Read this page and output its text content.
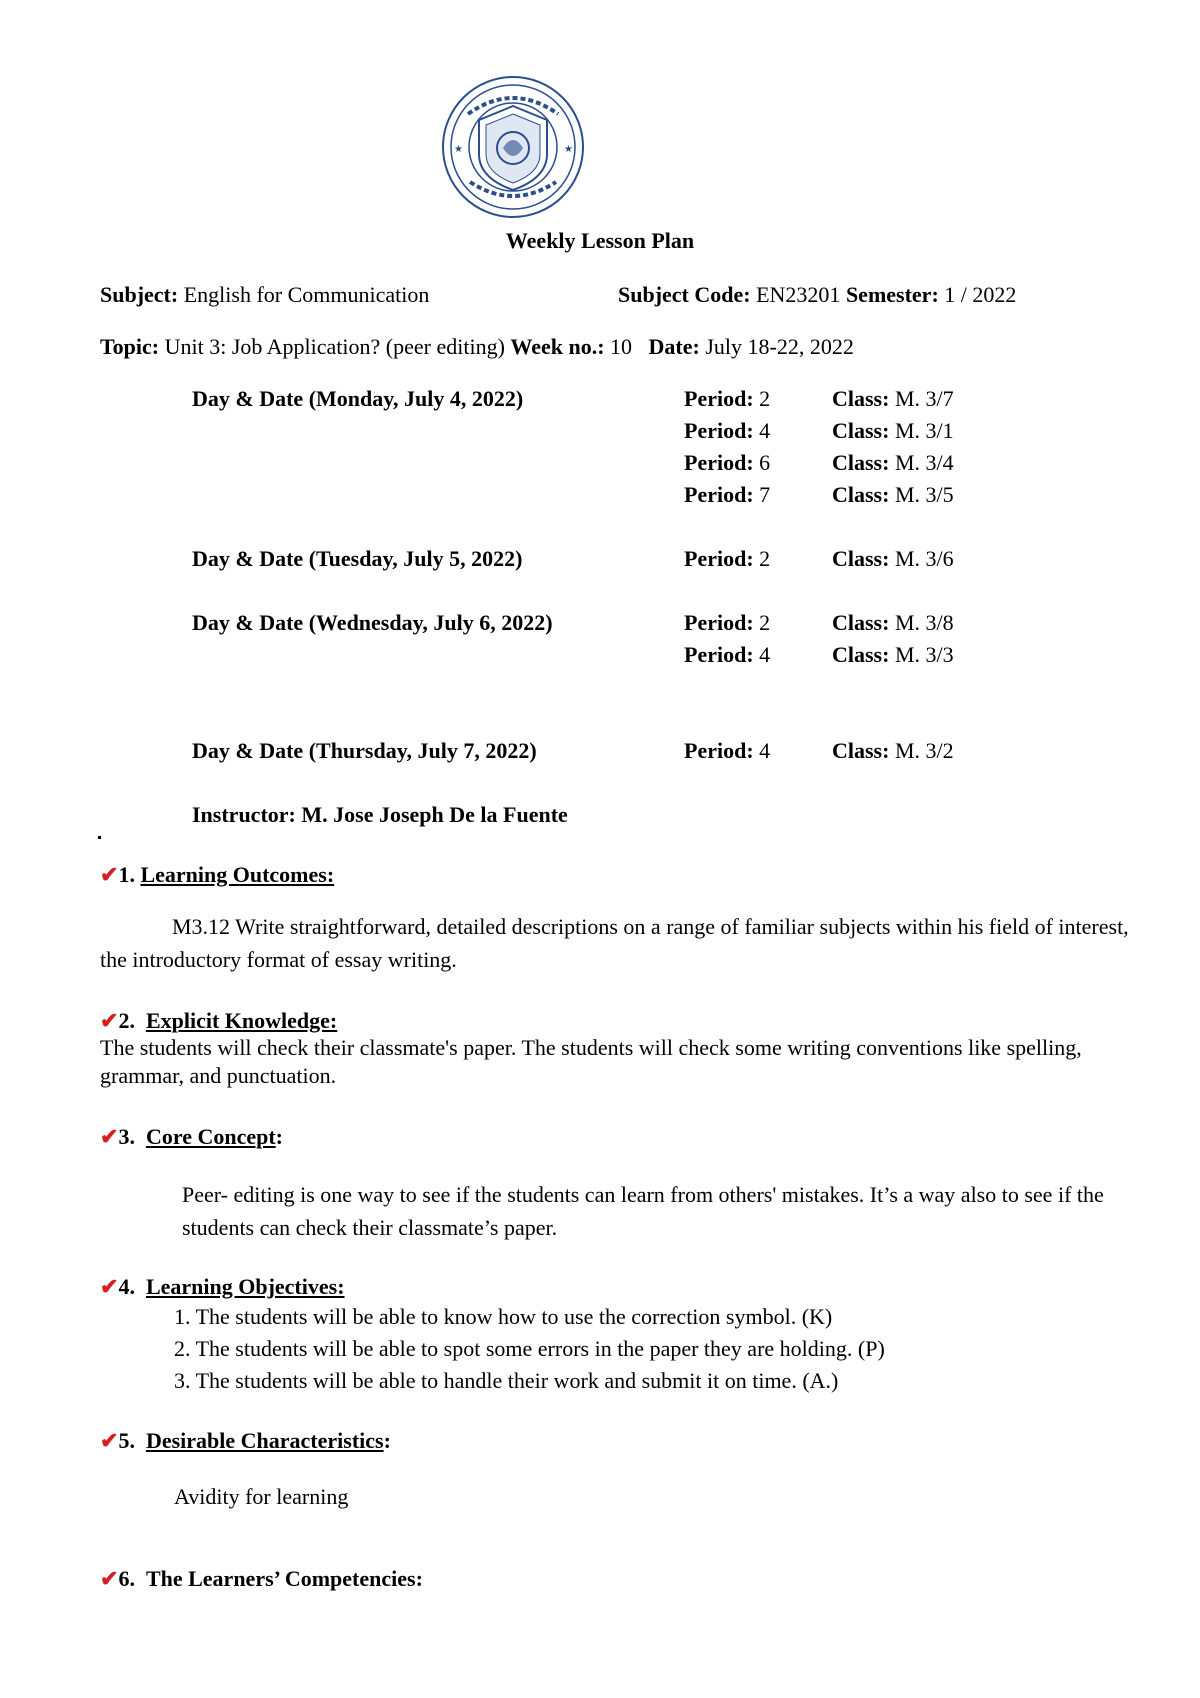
★	★
Weekly Lesson Plan
Subject: English for Communication	Subject Code: EN23201 Semester: 1 / 2022
Topic: Unit 3: Job Application? (peer editing) Week no.: 10 Date: July 18-22, 2022
Day & Date (Monday, July 4, 2022)	Period: 2	Class: M. 3/7
Period: 4	Class: M. 3/1
Period: 6	Class: M. 3/4
Period: 7	Class: M. 3/5
Day & Date (Tuesday, July 5, 2022)	Period: 2	Class: M. 3/6
Day & Date (Wednesday, July 6, 2022)	Period: 2	Class: M. 3/8
Period: 4	Class: M. 3/3
Day & Date (Thursday, July 7, 2022)	Period: 4	Class: M. 3/2
Instructor: M. Jose Joseph De la Fuente
✔1. Learning Outcomes:
M3.12 Write straightforward, detailed descriptions on a range of familiar subjects within his field of interest, the introductory format of essay writing.
✔2. Explicit Knowledge:
The students will check their classmate's paper. The students will check some writing conventions like spelling, grammar, and punctuation.
✔3. Core Concept:
Peer- editing is one way to see if the students can learn from others' mistakes. It’s a way also to see if the students can check their classmate’s paper.
✔4. Learning Objectives:
1. The students will be able to know how to use the correction symbol. (K)
2. The students will be able to spot some errors in the paper they are holding. (P)
3. The students will be able to handle their work and submit it on time. (A.)
✔5. Desirable Characteristics:
Avidity for learning
✔6. The Learners’ Competencies:
